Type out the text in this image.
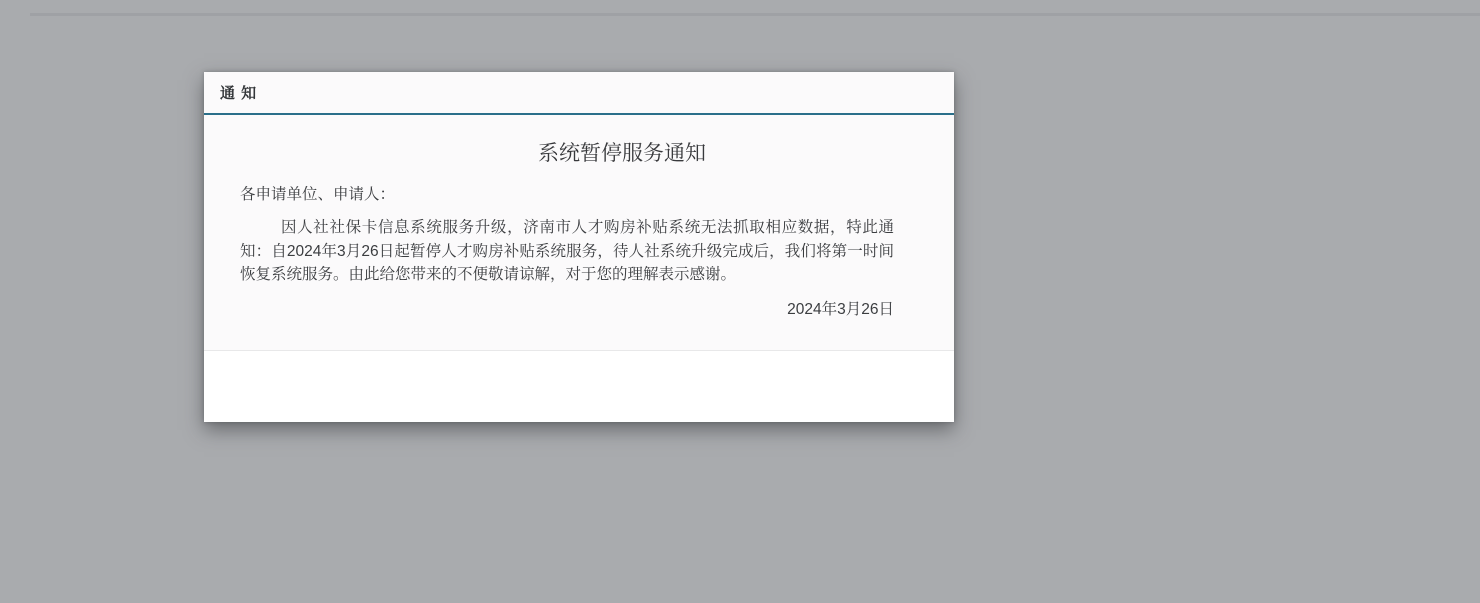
通 知
系统暂停服务通知
各申请单位、申请人：
因人社社保卡信息系统服务升级，济南市人才购房补贴系统无法抓取相应数据，特此通知：自2024年3月26日起暂停人才购房补贴系统服务，待人社系统升级完成后，我们将第一时间恢复系统服务。由此给您带来的不便敬请谅解，对于您的理解表示感谢。
2024年3月26日
